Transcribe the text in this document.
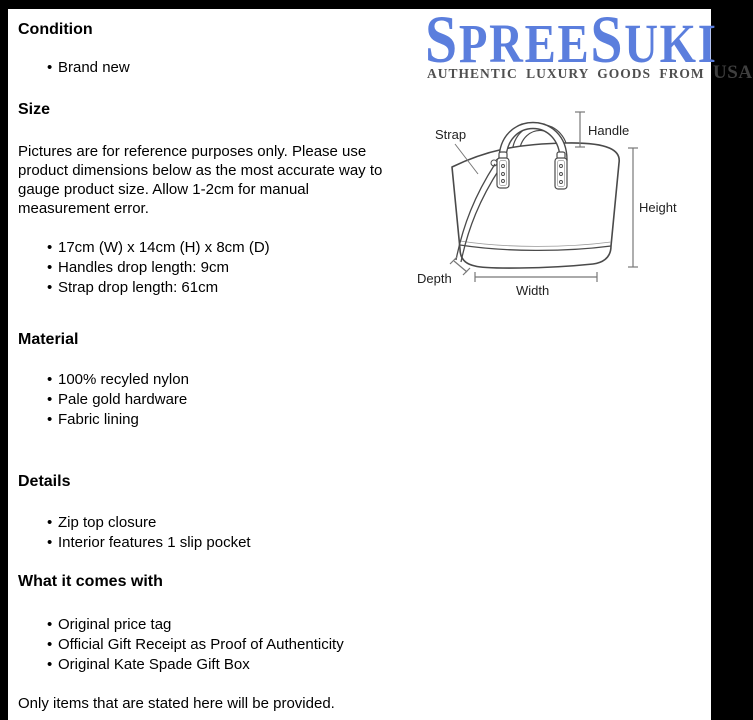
Condition
• Brand new
Size
Pictures are for reference purposes only. Please use
product dimensions below as the most accurate way to
gauge product size. Allow 1-2cm for manual
measurement error.
• 17cm (W) x 14cm (H) x 8cm (D)
• Handles drop length: 9cm
• Strap drop length: 61cm
Material
• 100% recyled nylon
• Pale gold hardware
• Fabric lining
Details
• Zip top closure
• Interior features 1 slip pocket
What it comes with
• Original price tag
• Official Gift Receipt as Proof of Authenticity
• Original Kate Spade Gift Box
Only items that are stated here will be provided.
SPREESUKI
AUTHENTIC LUXURY GOODS FROM USA
Strap	Handle
Height
Depth
Width
